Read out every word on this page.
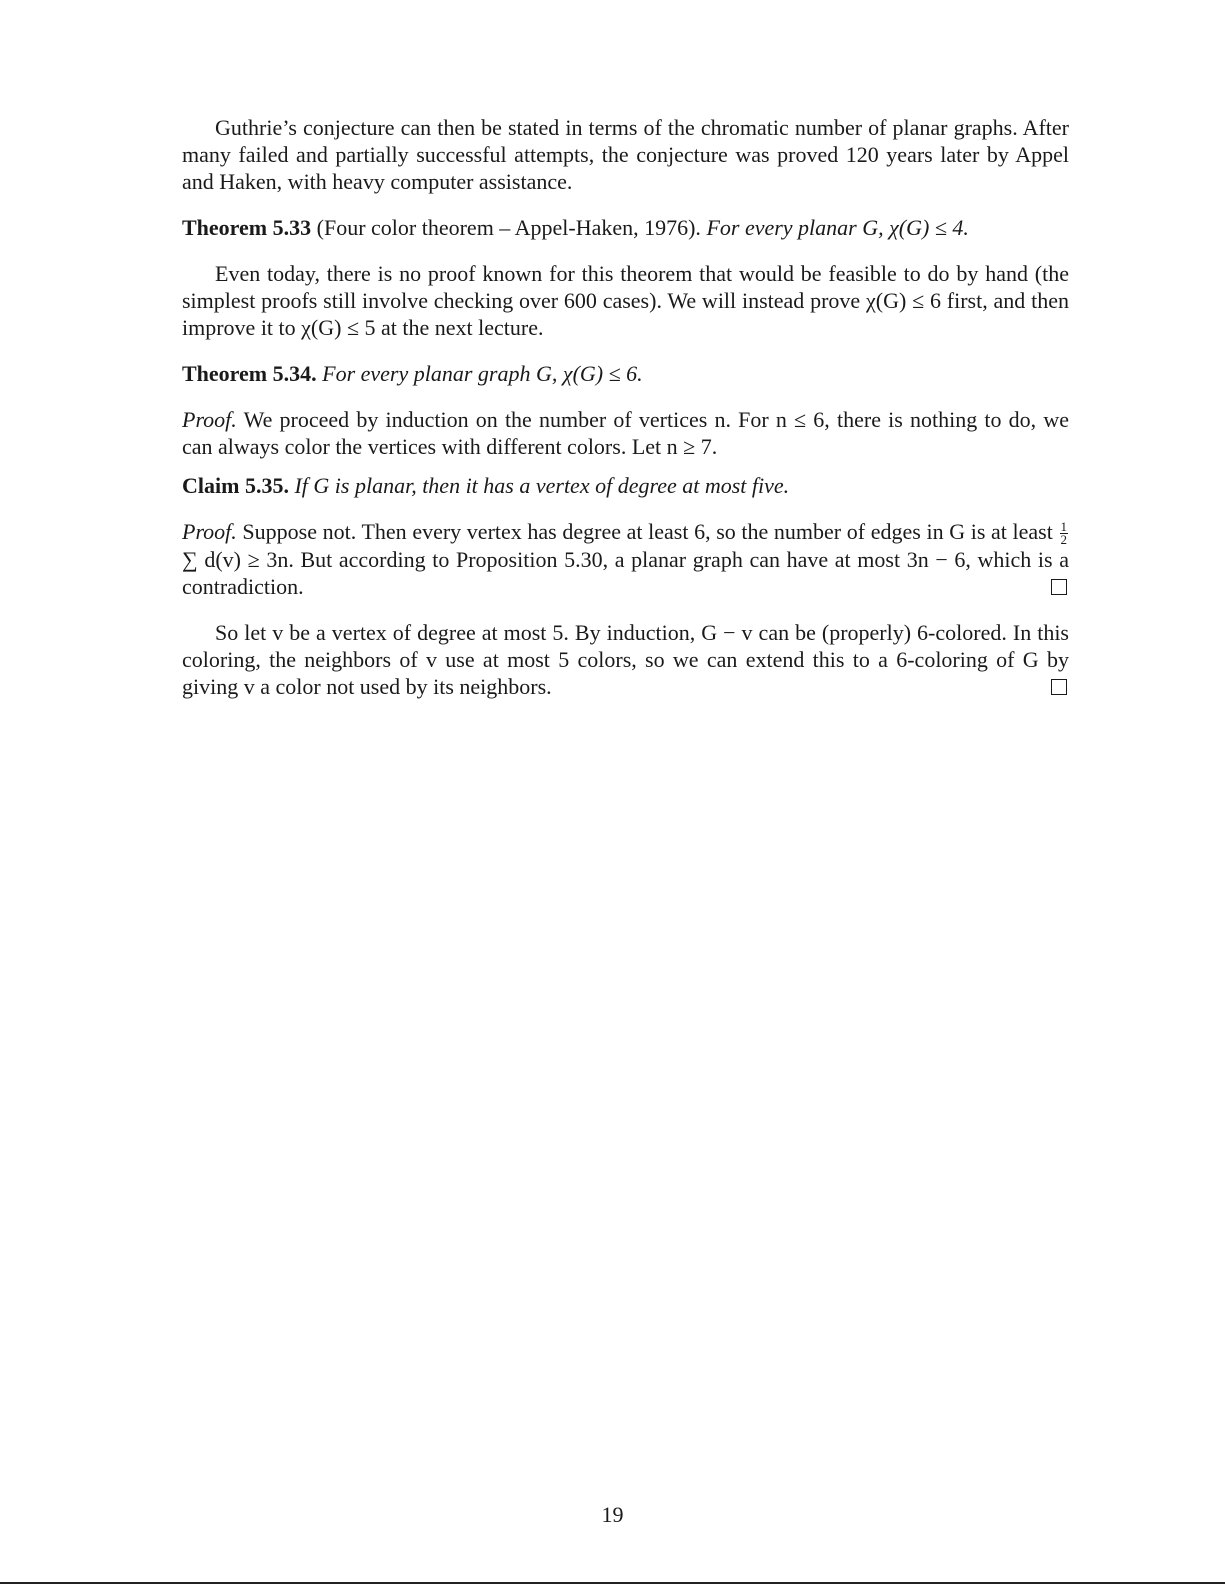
Guthrie’s conjecture can then be stated in terms of the chromatic number of planar graphs. After many failed and partially successful attempts, the conjecture was proved 120 years later by Appel and Haken, with heavy computer assistance.

Theorem 5.33 (Four color theorem – Appel-Haken, 1976). For every planar G, χ(G) ≤ 4.

Even today, there is no proof known for this theorem that would be feasible to do by hand (the simplest proofs still involve checking over 600 cases). We will instead prove χ(G) ≤ 6 first, and then improve it to χ(G) ≤ 5 at the next lecture.

Theorem 5.34. For every planar graph G, χ(G) ≤ 6.

Proof. We proceed by induction on the number of vertices n. For n ≤ 6, there is nothing to do, we can always color the vertices with different colors. Let n ≥ 7.

Claim 5.35. If G is planar, then it has a vertex of degree at most five.

Proof. Suppose not. Then every vertex has degree at least 6, so the number of edges in G is at least $\frac{1}{2}$
∑ d(v) ≥ 3n. But according to Proposition 5.30, a planar graph can have at most 3n − 6, which is a contradiction.

So let v be a vertex of degree at most 5. By induction, G − v can be (properly) 6-colored. In this coloring, the neighbors of v use at most 5 colors, so we can extend this to a 6-coloring of G by giving v a color not used by its neighbors.

19
